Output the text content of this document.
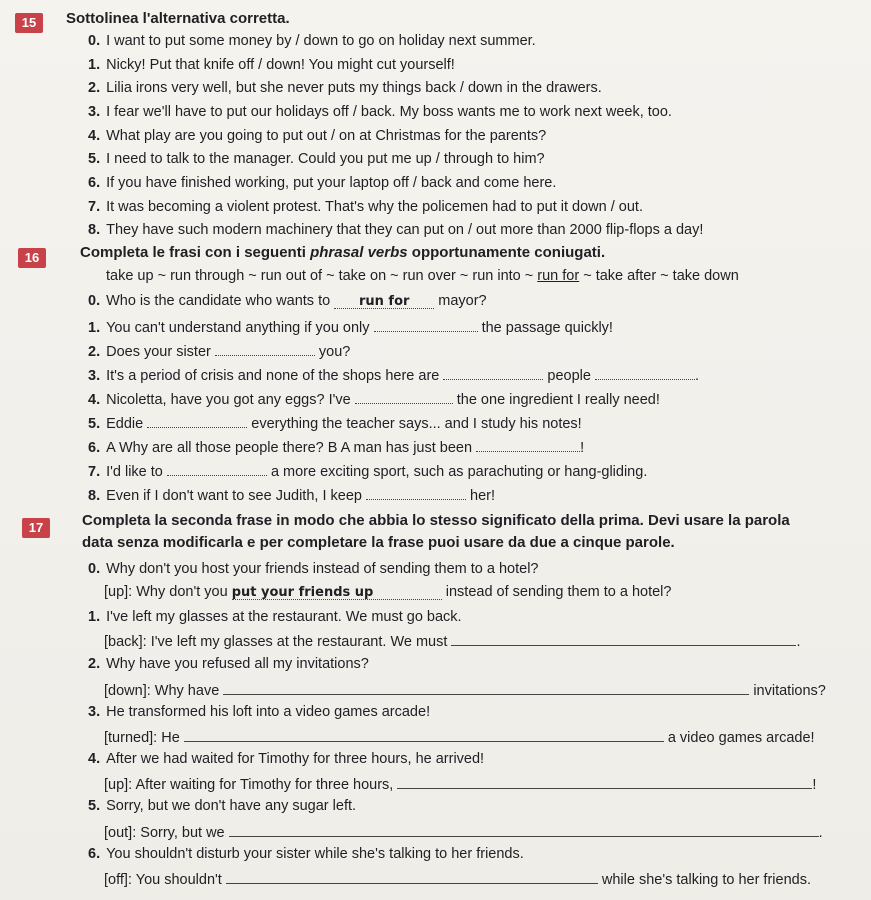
15	Sottolinea l'alternativa corretta.
0. I want to put some money by / down to go on holiday next summer.
1. Nicky! Put that knife off / down! You might cut yourself!
2. Lilia irons very well, but she never puts my things back / down in the drawers.
3. I fear we'll have to put our holidays off / back. My boss wants me to work next week, too.
4. What play are you going to put out / on at Christmas for the parents?
5. I need to talk to the manager. Could you put me up / through to him?
6. If you have finished working, put your laptop off / back and come here.
7. It was becoming a violent protest. That's why the policemen had to put it down / out.
8. They have such modern machinery that they can put on / out more than 2000 flip-flops a day!
16	Completa le frasi con i seguenti phrasal verbs opportunamente coniugati.
take up ~ run through ~ run out of ~ take on ~ run over ~ run into ~ run for ~ take after ~ take down
0. Who is the candidate who wants to run for mayor?
1. You can't understand anything if you only	the passage quickly!
2. Does your sister	you?
3. It's a period of crisis and none of the shops here are	people	.
4. Nicoletta, have you got any eggs? I've	the one ingredient I really need!
5. Eddie	everything the teacher says... and I study his notes!
6. A Why are all those people there? B A man has just been	!
7. I'd like to	a more exciting sport, such as parachuting or hang-gliding.
8. Even if I don't want to see Judith, I keep	her!
17	Completa la seconda frase in modo che abbia lo stesso significato della prima. Devi usare la parola
data senza modificarla e per completare la frase puoi usare da due a cinque parole.
0. Why don't you host your friends instead of sending them to a hotel?
[up]: Why don't you put your friends up	instead of sending them to a hotel?
1. I've left my glasses at the restaurant. We must go back.
[back]: I've left my glasses at the restaurant. We must	.
2. Why have you refused all my invitations?
[down]: Why have	invitations?
3. He transformed his loft into a video games arcade!
[turned]: He	a video games arcade!
4. After we had waited for Timothy for three hours, he arrived!
[up]: After waiting for Timothy for three hours,	!
5. Sorry, but we don't have any sugar left.
[out]: Sorry, but we	.
6. You shouldn't disturb your sister while she's talking to her friends.
[off]: You shouldn't	while she's talking to her friends.
